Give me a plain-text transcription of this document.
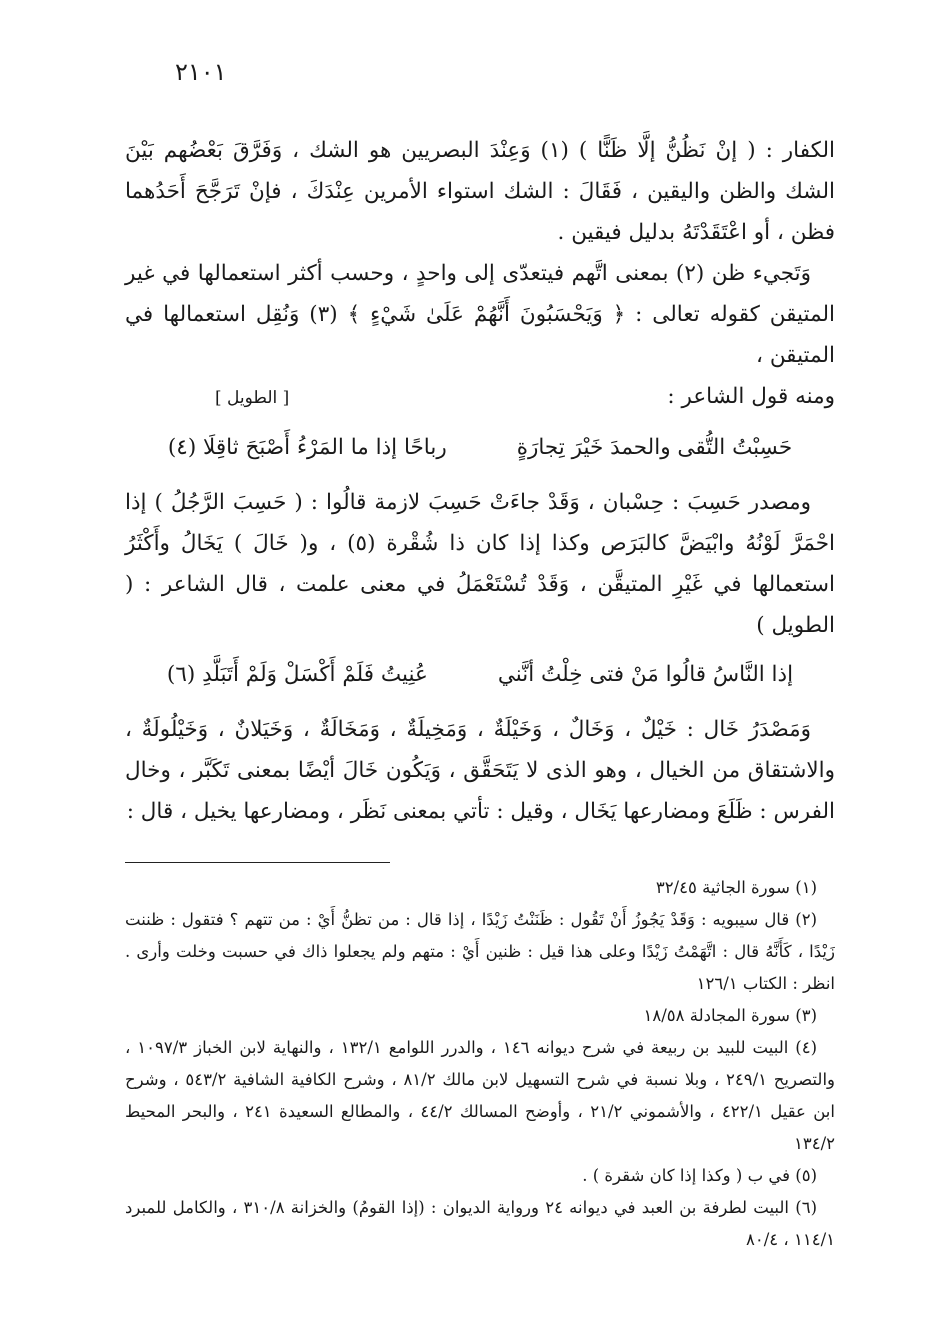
٢١٠١

الكفار : ( إنْ نَظُنُّ إلَّا ظَنًّا ) (١) وَعِنْدَ البصريين هو الشك ، وَفَرَّقَ بَعْضُهم بَيْنَ الشك والظن واليقين ، فَقَالَ : الشك استواء الأمرين عِنْدَكَ ، فإنْ تَرَجَّحَ أَحَدُهما فظن ، أو اعْتَقَدْتَهُ بدليل فيقين .

وَتَجيء ظن (٢) بمعنى اتَّهم فيتعدّى إلى واحدٍ ، وحسب أكثر استعمالها في غير المتيقن كقوله تعالى : ﴿ وَيَحْسَبُونَ أَنَّهُمْ عَلَىٰ شَيْءٍ ﴾ (٣) وَنُقِل استعمالها في المتيقن ،

ومنه قول الشاعر :
[ الطويل ]
حَسِبْتُ التُّقى والحمدَ خَيْرَ تِجارَةٍ
رباحًا إذا ما المَرْءُ أَصْبَحَ ثاقِلَا (٤)

ومصدر حَسِبَ : حِسْبان ، وَقَدْ جاءَتْ حَسِبَ لازمة قالُوا : ( حَسِبَ الرَّجُلُ ) إذا احْمَرَّ لَوْنُهُ وابْيَضَّ كالبَرَص وكذا إذا كان ذا شُقْرة (٥) ، و( خَالَ ) يَخَالُ وأَكْثَرُ استعمالها في غَيْرِ المتيقَّن ، وَقَدْ تُسْتَعْمَلُ في معنى علمت ، قال الشاعر : ( الطويل )

إذا النَّاسُ قالُوا مَنْ فتى خِلْتُ أنَّني
عُنِيتُ فَلَمْ أَكْسَلْ وَلَمْ أَتَبَلَّدِ (٦)

وَمَصْدَرُ خَال : خَيْلٌ ، وَخَالٌ ، وَخَيْلَةٌ ، وَمَخِيلَةٌ ، وَمَخَالَةٌ ، وَخَيَلانٌ ، وَخَيْلُولَةٌ ، والاشتقاق من الخيال ، وهو الذى لا يَتَحَقَّق ، وَيَكُون خَالَ أيْضًا بمعنى تَكَبَّر ، وخال الفرس : ظَلَعَ ومضارعها يَخَال ، وقيل : تأتي بمعنى نَظَر ، ومضارعها يخيل ، قال :

(١) سورة الجاثية ٣٢/٤٥

(٢) قال سيبويه : وَقَدْ يَجُوزُ أَنْ تَقُول : ظَنَنْتُ زَيْدًا ، إذا قال : من تظنُّ أَيْ : من تتهم ؟ فتقول : ظننت زَيْدًا ، كَأَنَّهُ قال : اتَّهَمْتُ زَيْدًا وعلى هذا قيل : ظنين أَيْ : متهم ولم يجعلوا ذاك في حسبت وخلت وأرى . انظر : الكتاب ١٢٦/١

(٣) سورة المجادلة ١٨/٥٨

(٤) البيت للبيد بن ربيعة في شرح ديوانه ١٤٦ ، والدرر اللوامع ١٣٢/١ ، والنهاية لابن الخباز ١٠٩٧/٣ ، والتصريح ٢٤٩/١ ، وبلا نسبة في شرح التسهيل لابن مالك ٨١/٢ ، وشرح الكافية الشافية ٥٤٣/٢ ، وشرح ابن عقيل ٤٢٢/١ ، والأشموني ٢١/٢ ، وأوضح المسالك ٤٤/٢ ، والمطالع السعيدة ٢٤١ ، والبحر المحيط ١٣٤/٢

(٥) في ب ( وكذا إذا كان شقرة ) .

(٦) البيت لطرفة بن العبد في ديوانه ٢٤ ورواية الديوان : (إذا القومُ) والخزانة ٣١٠/٨ ، والكامل للمبرد ١١٤/١ ، ٨٠/٤
